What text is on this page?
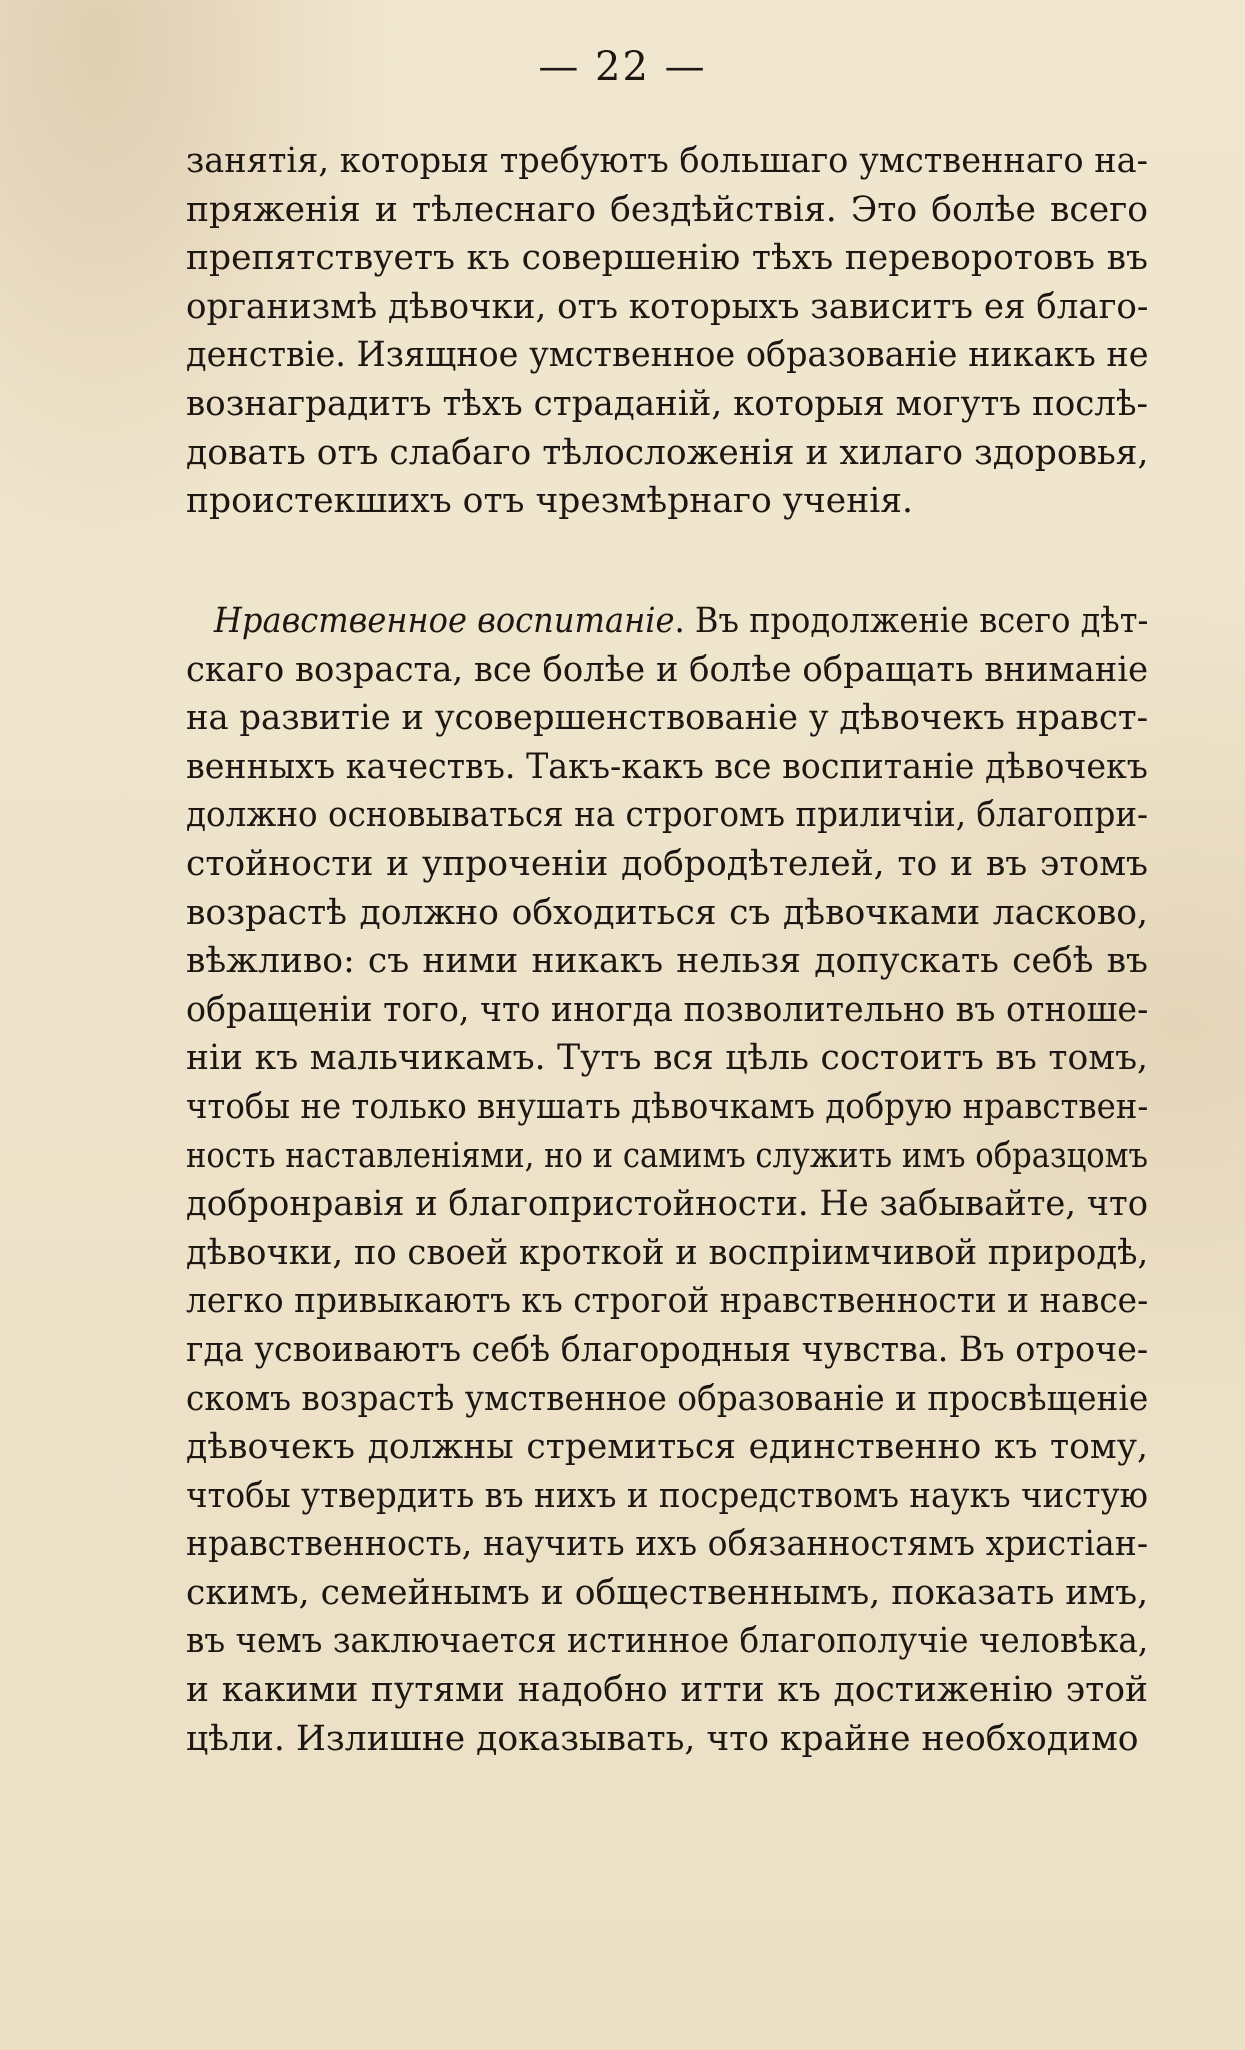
— 22 —
занятія, которыя требуютъ большаго умственнаго на-
пряженія и тѣлеснаго бездѣйствія. Это болѣе всего
препятствуетъ къ совершенію тѣхъ переворотовъ въ
организмѣ дѣвочки, отъ которыхъ зависитъ ея благо-
денствіе. Изящное умственное образованіе никакъ не
вознаградитъ тѣхъ страданій, которыя могутъ послѣ-
довать отъ слабаго тѣлосложенія и хилаго здоровья,
проистекшихъ отъ чрезмѣрнаго ученія.
Нравственное воспитаніе. Въ продолженіе всего дѣт-
скаго возраста, все болѣе и болѣе обращать вниманіе
на развитіе и усовершенствованіе у дѣвочекъ нравст-
венныхъ качествъ. Такъ-какъ все воспитаніе дѣвочекъ
должно основываться на строгомъ приличіи, благопри-
стойности и упроченіи добродѣтелей, то и въ этомъ
возрастѣ должно обходиться съ дѣвочками ласково,
вѣжливо: съ ними никакъ нельзя допускать себѣ въ
обращеніи того, что иногда позволительно въ отноше-
ніи къ мальчикамъ. Тутъ вся цѣль состоитъ въ томъ,
чтобы не только внушать дѣвочкамъ добрую нравствен-
ность наставленіями, но и самимъ служить имъ образцомъ
добронравія и благопристойности. Не забывайте, что
дѣвочки, по своей кроткой и воспріимчивой природѣ,
легко привыкаютъ къ строгой нравственности и навсе-
гда усвоиваютъ себѣ благородныя чувства. Въ отроче-
скомъ возрастѣ умственное образованіе и просвѣщеніе
дѣвочекъ должны стремиться единственно къ тому,
чтобы утвердить въ нихъ и посредствомъ наукъ чистую
нравственность, научить ихъ обязанностямъ христіан-
скимъ, семейнымъ и общественнымъ, показать имъ,
въ чемъ заключается истинное благополучіе человѣка,
и какими путями надобно итти къ достиженію этой
цѣли. Излишне доказывать, что крайне необходимо
